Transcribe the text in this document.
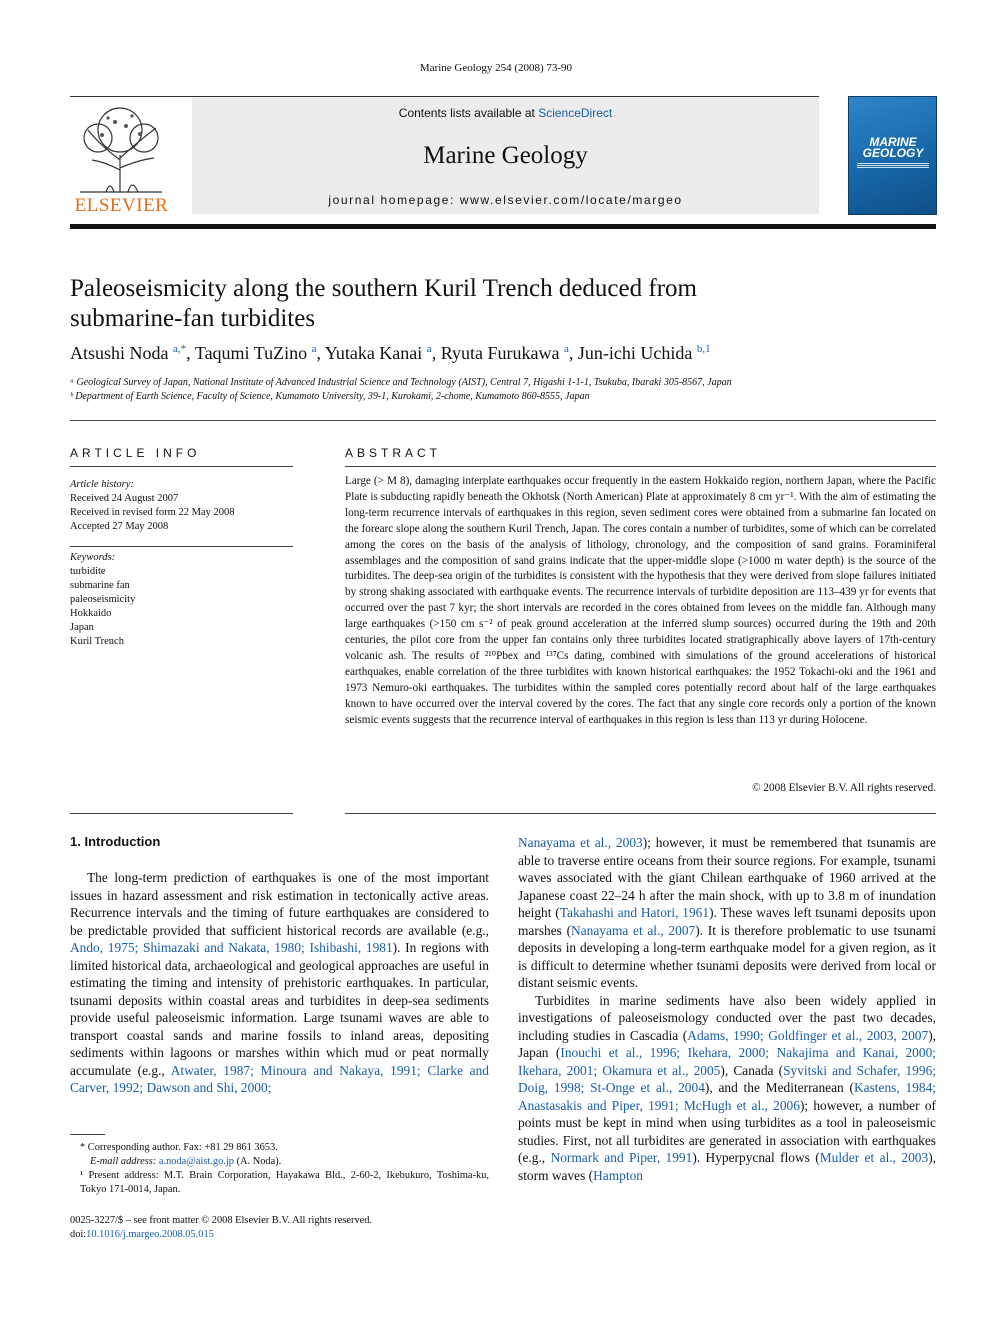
Marine Geology 254 (2008) 73-90
ELSEVIER
Contents lists available at ScienceDirect
Marine Geology
journal homepage: www.elsevier.com/locate/margeo
MARINE GEOLOGY
Paleoseismicity along the southern Kuril Trench deduced from submarine-fan turbidites
Atsushi Noda $^{a,*}$, Taqumi TuZino $^a$, Yutaka Kanai $^a$, Ryuta Furukawa $^a$, Jun-ichi Uchida $^{b,1}$
ᵃ Geological Survey of Japan, National Institute of Advanced Industrial Science and Technology (AIST), Central 7, Higashi 1-1-1, Tsukuba, Ibaraki 305-8567, Japan
ᵇ Department of Earth Science, Faculty of Science, Kumamoto University, 39-1, Kurokami, 2-chome, Kumamoto 860-8555, Japan
ARTICLE INFO
Article history:
Received 24 August 2007
Received in revised form 22 May 2008
Accepted 27 May 2008
Keywords:
turbidite
submarine fan
paleoseismicity
Hokkaido
Japan
Kuril Trench
ABSTRACT
Large (> M 8), damaging interplate earthquakes occur frequently in the eastern Hokkaido region, northern Japan, where the Pacific Plate is subducting rapidly beneath the Okhotsk (North American) Plate at approximately 8 cm yr⁻¹. With the aim of estimating the long-term recurrence intervals of earthquakes in this region, seven sediment cores were obtained from a submarine fan located on the forearc slope along the southern Kuril Trench, Japan. The cores contain a number of turbidites, some of which can be correlated among the cores on the basis of the analysis of lithology, chronology, and the composition of sand grains. Foraminiferal assemblages and the composition of sand grains indicate that the upper-middle slope (>1000 m water depth) is the source of the turbidites. The deep-sea origin of the turbidites is consistent with the hypothesis that they were derived from slope failures initiated by strong shaking associated with earthquake events. The recurrence intervals of turbidite deposition are 113–439 yr for events that occurred over the past 7 kyr; the short intervals are recorded in the cores obtained from levees on the middle fan. Although many large earthquakes (>150 cm s⁻² of peak ground acceleration at the inferred slump sources) occurred during the 19th and 20th centuries, the pilot core from the upper fan contains only three turbidites located stratigraphically above layers of 17th-century volcanic ash. The results of ²¹⁰Pbex and ¹³⁷Cs dating, combined with simulations of the ground accelerations of historical earthquakes, enable correlation of the three turbidites with known historical earthquakes: the 1952 Tokachi-oki and the 1961 and 1973 Nemuro-oki earthquakes. The turbidites within the sampled cores potentially record about half of the large earthquakes known to have occurred over the interval covered by the cores. The fact that any single core records only a portion of the known seismic events suggests that the recurrence interval of earthquakes in this region is less than 113 yr during Holocene.
© 2008 Elsevier B.V. All rights reserved.
1. Introduction

The long-term prediction of earthquakes is one of the most important issues in hazard assessment and risk estimation in tectonically active areas. Recurrence intervals and the timing of future earthquakes are considered to be predictable provided that sufficient historical records are available (e.g., Ando, 1975; Shimazaki and Nakata, 1980; Ishibashi, 1981). In regions with limited historical data, archaeological and geological approaches are useful in estimating the timing and intensity of prehistoric earthquakes. In particular, tsunami deposits within coastal areas and turbidites in deep-sea sediments provide useful paleoseismic information. Large tsunami waves are able to transport coastal sands and marine fossils to inland areas, depositing sediments within lagoons or marshes within which mud or peat normally accumulate (e.g., Atwater, 1987; Minoura and Nakaya, 1991; Clarke and Carver, 1992; Dawson and Shi, 2000;

Nanayama et al., 2003); however, it must be remembered that tsunamis are able to traverse entire oceans from their source regions. For example, tsunami waves associated with the giant Chilean earthquake of 1960 arrived at the Japanese coast 22–24 h after the main shock, with up to 3.8 m of inundation height (Takahashi and Hatori, 1961). These waves left tsunami deposits upon marshes (Nanayama et al., 2007). It is therefore problematic to use tsunami deposits in developing a long-term earthquake model for a given region, as it is difficult to determine whether tsunami deposits were derived from local or distant seismic events.

Turbidites in marine sediments have also been widely applied in investigations of paleoseismology conducted over the past two decades, including studies in Cascadia (Adams, 1990; Goldfinger et al., 2003, 2007), Japan (Inouchi et al., 1996; Ikehara, 2000; Nakajima and Kanai, 2000; Ikehara, 2001; Okamura et al., 2005), Canada (Syvitski and Schafer, 1996; Doig, 1998; St-Onge et al., 2004), and the Mediterranean (Kastens, 1984; Anastasakis and Piper, 1991; McHugh et al., 2006); however, a number of points must be kept in mind when using turbidites as a tool in paleoseismic studies. First, not all turbidites are generated in association with earthquakes (e.g., Normark and Piper, 1991). Hyperpycnal flows (Mulder et al., 2003), storm waves (Hampton

* Corresponding author. Fax: +81 29 861 3653.
E-mail address: a.noda@aist.go.jp (A. Noda).
¹ Present address: M.T. Brain Corporation, Hayakawa Bld., 2-60-2, Ikebukuro, Toshima-ku, Tokyo 171-0014, Japan.
0025-3227/$ – see front matter © 2008 Elsevier B.V. All rights reserved.
doi:10.1016/j.margeo.2008.05.015
